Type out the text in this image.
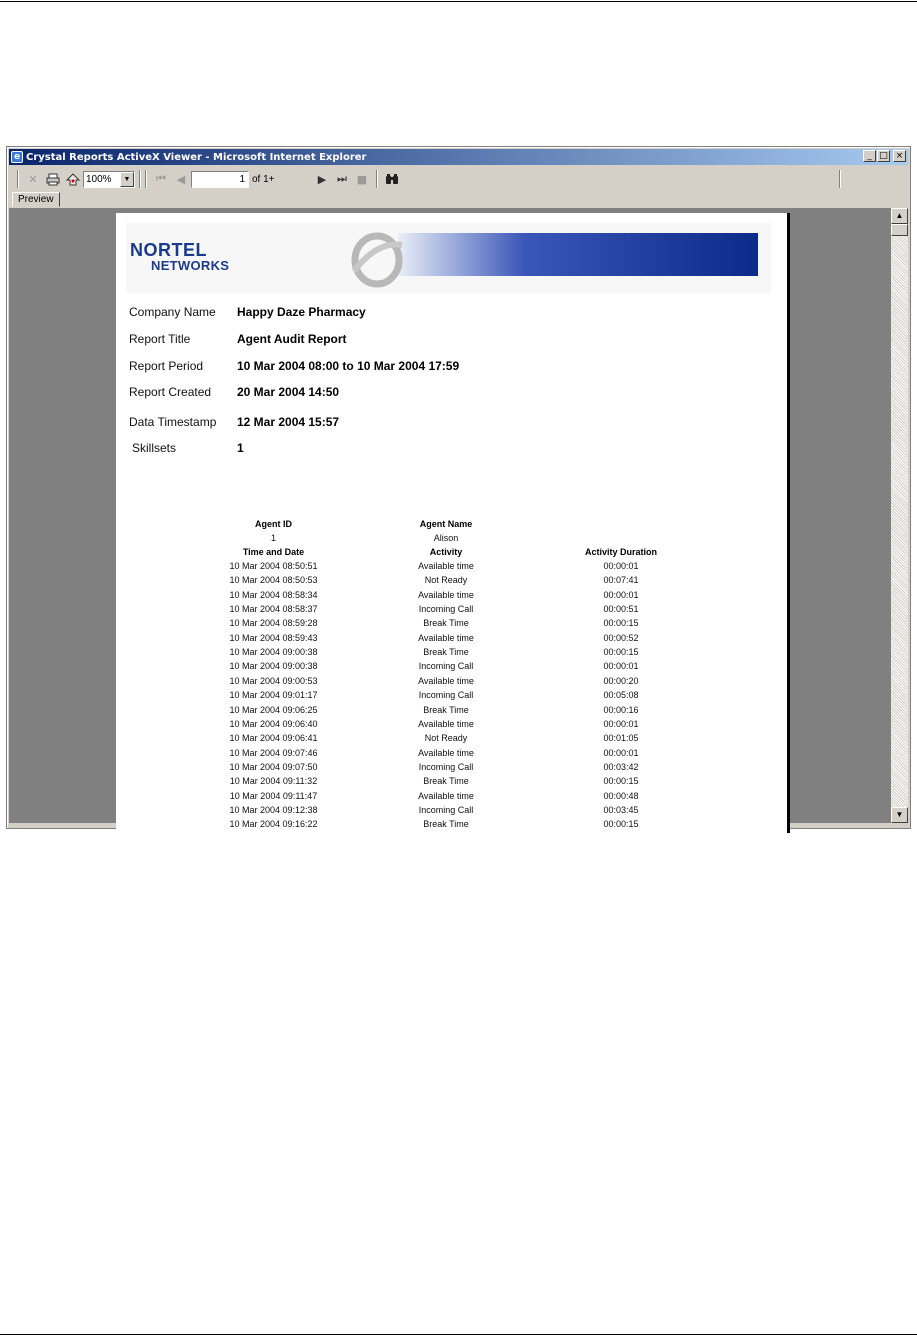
e Crystal Reports ActiveX Viewer - Microsoft Internet Explorer	_ □ ×
✕	100%	▼	⏮ ◀	1 of 1+	▶ ⏭ ■
Preview
NORTEL
NETWORKS
Company Name Happy Daze Pharmacy
Report Title	Agent Audit Report
Report Period	10 Mar 2004 08:00 to 10 Mar 2004 17:59
Report Created 20 Mar 2004 14:50
Data Timestamp 12 Mar 2004 15:57
Skillsets	1
Agent ID	Agent Name
1	Alison
Time and Date	Activity	Activity Duration
10 Mar 2004 08:50:51	Available time	00:00:01
10 Mar 2004 08:50:53	Not Ready	00:07:41
10 Mar 2004 08:58:34	Available time	00:00:01
10 Mar 2004 08:58:37	Incoming Call	00:00:51
10 Mar 2004 08:59:28	Break Time	00:00:15
10 Mar 2004 08:59:43	Available time	00:00:52
10 Mar 2004 09:00:38	Break Time	00:00:15
10 Mar 2004 09:00:38	Incoming Call	00:00:01
10 Mar 2004 09:00:53	Available time	00:00:20
10 Mar 2004 09:01:17	Incoming Call	00:05:08
10 Mar 2004 09:06:25	Break Time	00:00:16
10 Mar 2004 09:06:40	Available time	00:00:01
10 Mar 2004 09:06:41	Not Ready	00:01:05
10 Mar 2004 09:07:46	Available time	00:00:01
10 Mar 2004 09:07:50	Incoming Call	00:03:42
10 Mar 2004 09:11:32	Break Time	00:00:15
10 Mar 2004 09:11:47	Available time	00:00:48
10 Mar 2004 09:12:38	Incoming Call	00:03:45
10 Mar 2004 09:16:22	Break Time	00:00:15
▲
▼
